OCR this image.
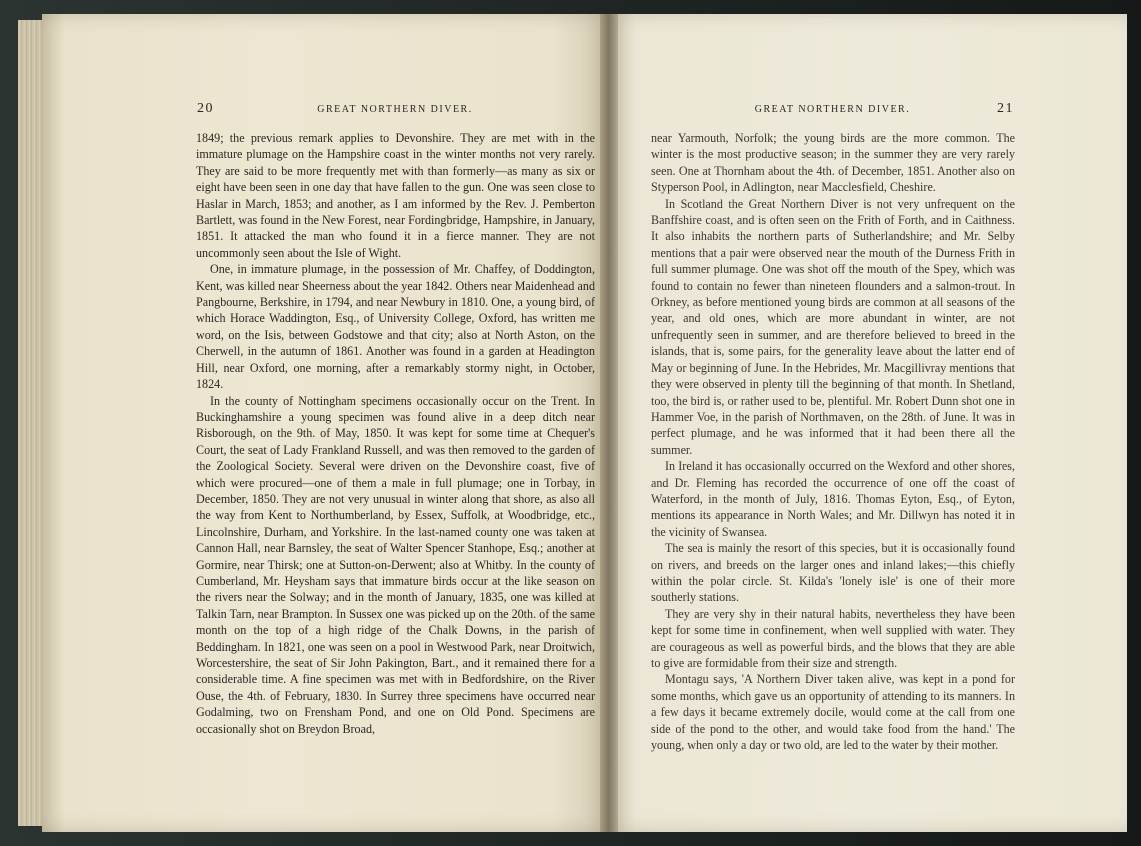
20	GREAT NORTHERN DIVER.

1849; the previous remark applies to Devonshire. They are met with in the immature plumage on the Hampshire coast in the winter months not very rarely. They are said to be more frequently met with than formerly—as many as six or eight have been seen in one day that have fallen to the gun. One was seen close to Haslar in March, 1853; and another, as I am informed by the Rev. J. Pemberton Bartlett, was found in the New Forest, near Fordingbridge, Hampshire, in January, 1851. It attacked the man who found it in a fierce manner. They are not uncommonly seen about the Isle of Wight.

One, in immature plumage, in the possession of Mr. Chaffey, of Doddington, Kent, was killed near Sheerness about the year 1842. Others near Maidenhead and Pangbourne, Berkshire, in 1794, and near Newbury in 1810. One, a young bird, of which Horace Waddington, Esq., of University College, Oxford, has written me word, on the Isis, between Godstowe and that city; also at North Aston, on the Cherwell, in the autumn of 1861. Another was found in a garden at Headington Hill, near Oxford, one morning, after a remarkably stormy night, in October, 1824.

In the county of Nottingham specimens occasionally occur on the Trent. In Buckinghamshire a young specimen was found alive in a deep ditch near Risborough, on the 9th. of May, 1850. It was kept for some time at Chequer's Court, the seat of Lady Frankland Russell, and was then removed to the garden of the Zoological Society. Several were driven on the Devonshire coast, five of which were procured—one of them a male in full plumage; one in Torbay, in December, 1850. They are not very unusual in winter along that shore, as also all the way from Kent to Northumberland, by Essex, Suffolk, at Woodbridge, etc., Lincolnshire, Durham, and Yorkshire. In the last-named county one was taken at Cannon Hall, near Barnsley, the seat of Walter Spencer Stanhope, Esq.; another at Gormire, near Thirsk; one at Sutton-on-Derwent; also at Whitby. In the county of Cumberland, Mr. Heysham says that immature birds occur at the like season on the rivers near the Solway; and in the month of January, 1835, one was killed at Talkin Tarn, near Brampton. In Sussex one was picked up on the 20th. of the same month on the top of a high ridge of the Chalk Downs, in the parish of Beddingham. In 1821, one was seen on a pool in Westwood Park, near Droitwich, Worcestershire, the seat of Sir John Pakington, Bart., and it remained there for a considerable time. A fine specimen was met with in Bedfordshire, on the River Ouse, the 4th. of February, 1830. In Surrey three specimens have occurred near Godalming, two on Frensham Pond, and one on Old Pond. Specimens are occasionally shot on Breydon Broad,

GREAT NORTHERN DIVER.	21

near Yarmouth, Norfolk; the young birds are the more common. The winter is the most productive season; in the summer they are very rarely seen. One at Thornham about the 4th. of December, 1851. Another also on Styperson Pool, in Adlington, near Macclesfield, Cheshire.

In Scotland the Great Northern Diver is not very unfrequent on the Banffshire coast, and is often seen on the Frith of Forth, and in Caithness. It also inhabits the northern parts of Sutherlandshire; and Mr. Selby mentions that a pair were observed near the mouth of the Durness Frith in full summer plumage. One was shot off the mouth of the Spey, which was found to contain no fewer than nineteen flounders and a salmon-trout. In Orkney, as before mentioned young birds are common at all seasons of the year, and old ones, which are more abundant in winter, are not unfrequently seen in summer, and are therefore believed to breed in the islands, that is, some pairs, for the generality leave about the latter end of May or beginning of June. In the Hebrides, Mr. Macgillivray mentions that they were observed in plenty till the beginning of that month. In Shetland, too, the bird is, or rather used to be, plentiful. Mr. Robert Dunn shot one in Hammer Voe, in the parish of Northmaven, on the 28th. of June. It was in perfect plumage, and he was informed that it had been there all the summer.

In Ireland it has occasionally occurred on the Wexford and other shores, and Dr. Fleming has recorded the occurrence of one off the coast of Waterford, in the month of July, 1816. Thomas Eyton, Esq., of Eyton, mentions its appearance in North Wales; and Mr. Dillwyn has noted it in the vicinity of Swansea.

The sea is mainly the resort of this species, but it is occasionally found on rivers, and breeds on the larger ones and inland lakes;—this chiefly within the polar circle. St. Kilda's 'lonely isle' is one of their more southerly stations.

They are very shy in their natural habits, nevertheless they have been kept for some time in confinement, when well supplied with water. They are courageous as well as powerful birds, and the blows that they are able to give are formidable from their size and strength.

Montagu says, 'A Northern Diver taken alive, was kept in a pond for some months, which gave us an opportunity of attending to its manners. In a few days it became extremely docile, would come at the call from one side of the pond to the other, and would take food from the hand.' The young, when only a day or two old, are led to the water by their mother.
